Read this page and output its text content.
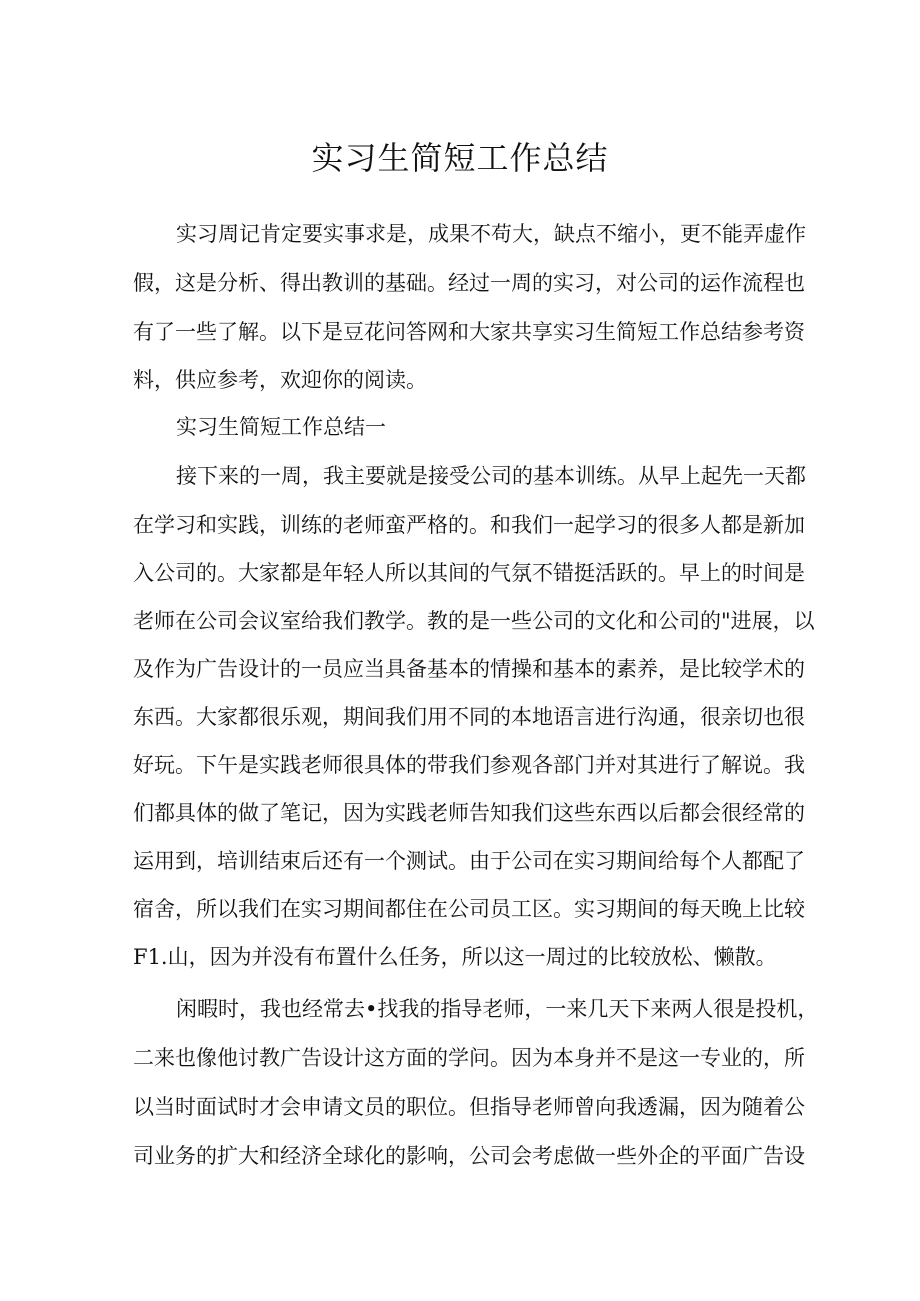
实习生简短工作总结
实习周记肯定要实事求是，成果不苟大，缺点不缩小，更不能弄虚作
假，这是分析、得出教训的基础。经过一周的实习，对公司的运作流程也
有了一些了解。以下是豆花问答网和大家共享实习生简短工作总结参考资
料，供应参考，欢迎你的阅读。
实习生简短工作总结一
接下来的一周，我主要就是接受公司的基本训练。从早上起先一天都
在学习和实践，训练的老师蛮严格的。和我们一起学习的很多人都是新加
入公司的。大家都是年轻人所以其间的气氛不错挺活跃的。早上的时间是
老师在公司会议室给我们教学。教的是一些公司的文化和公司的"进展，以
及作为广告设计的一员应当具备基本的情操和基本的素养，是比较学术的
东西。大家都很乐观，期间我们用不同的本地语言进行沟通，很亲切也很
好玩。下午是实践老师很具体的带我们参观各部门并对其进行了解说。我
们都具体的做了笔记，因为实践老师告知我们这些东西以后都会很经常的
运用到，培训结束后还有一个测试。由于公司在实习期间给每个人都配了
宿舍，所以我们在实习期间都住在公司员工区。实习期间的每天晚上比较
F1.山，因为并没有布置什么任务，所以这一周过的比较放松、懒散。
闲暇时，我也经常去•找我的指导老师，一来几天下来两人很是投机，
二来也像他讨教广告设计这方面的学问。因为本身并不是这一专业的，所
以当时面试时才会申请文员的职位。但指导老师曾向我透漏，因为随着公
司业务的扩大和经济全球化的影响，公司会考虑做一些外企的平面广告设
